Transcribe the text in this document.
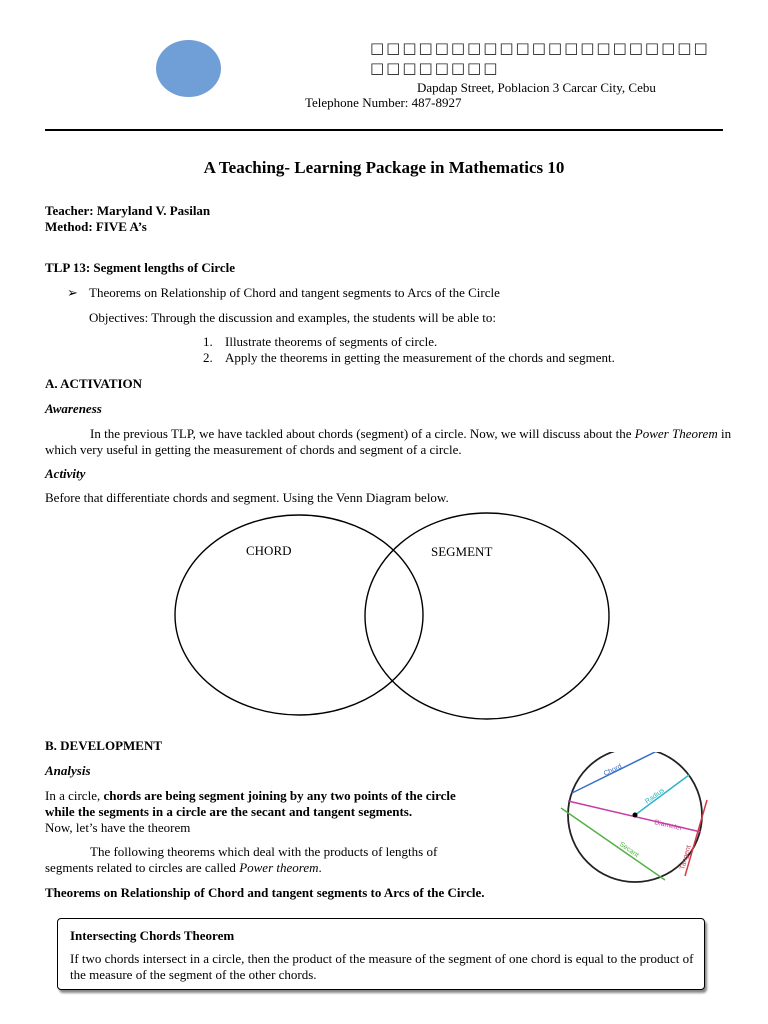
□□□□□□□□□□□□□□□□□□□□□□□□□□□□□
Dapdap Street, Poblacion 3 Carcar City, Cebu
Telephone Number: 487-8927
A Teaching- Learning Package in Mathematics 10
Teacher: Maryland V. Pasilan
Method: FIVE A’s
TLP 13: Segment lengths of Circle
➢ Theorems on Relationship of Chord and tangent segments to Arcs of the Circle
Objectives: Through the discussion and examples, the students will be able to:
1. Illustrate theorems of segments of circle.
2. Apply the theorems in getting the measurement of the chords and segment.
A. ACTIVATION
Awareness
In the previous TLP, we have tackled about chords (segment) of a circle. Now, we will discuss about the Power Theorem in which very useful in getting the measurement of chords and segment of a circle.
Activity
Before that differentiate chords and segment. Using the Venn Diagram below.
CHORD	SEGMENT
B. DEVELOPMENT
Analysis
In a circle, chords are being segment joining by any two points of the circle
while the segments in a circle are the secant and tangent segments.
Now, let’s have the theorem
The following theorems which deal with the products of lengths of
segments related to circles are called Power theorem.
Theorems on Relationship of Chord and tangent segments to Arcs of the Circle.
Chord
Radius
Diameter
Secant	Tangent
Intersecting Chords Theorem
If two chords intersect in a circle, then the product of the measure of the segment of one chord is equal to the product of the measure of the segment of the other chords.
